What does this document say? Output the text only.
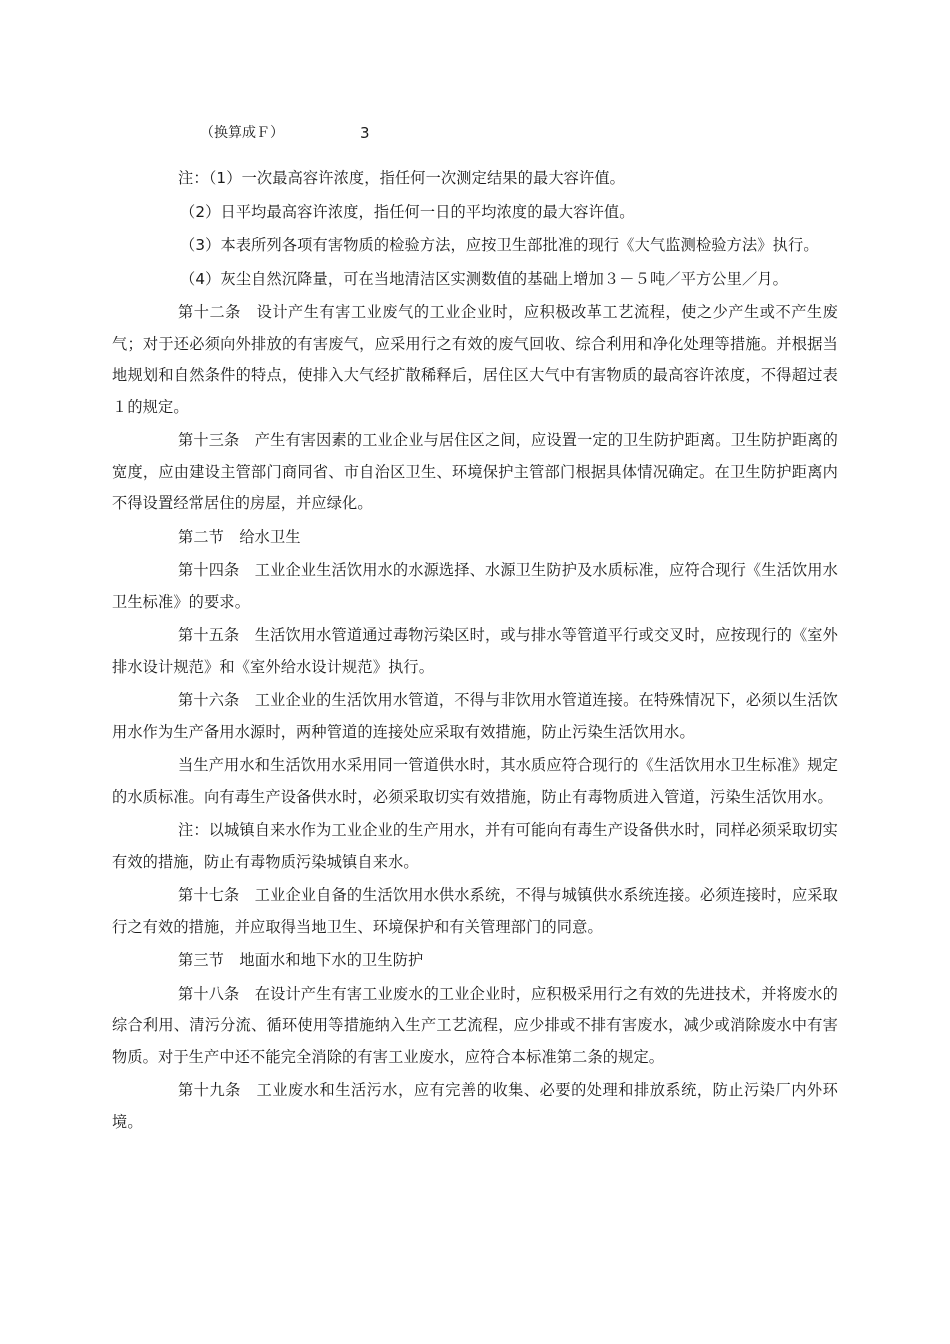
（换算成Ｆ）	3

注：（1）一次最高容许浓度，指任何一次测定结果的最大容许值。

（2）日平均最高容许浓度，指任何一日的平均浓度的最大容许值。

（3）本表所列各项有害物质的检验方法，应按卫生部批准的现行《大气监测检验方法》执行。

（4）灰尘自然沉降量，可在当地清洁区实测数值的基础上增加３－５吨／平方公里／月。

第十二条　设计产生有害工业废气的工业企业时，应积极改革工艺流程，使之少产生或不产生废气；对于还必须向外排放的有害废气，应采用行之有效的废气回收、综合利用和净化处理等措施。并根据当地规划和自然条件的特点，使排入大气经扩散稀释后，居住区大气中有害物质的最高容许浓度，不得超过表１的规定。

第十三条　产生有害因素的工业企业与居住区之间，应设置一定的卫生防护距离。卫生防护距离的宽度，应由建设主管部门商同省、市自治区卫生、环境保护主管部门根据具体情况确定。在卫生防护距离内不得设置经常居住的房屋，并应绿化。

第二节　给水卫生

第十四条　工业企业生活饮用水的水源选择、水源卫生防护及水质标准，应符合现行《生活饮用水卫生标准》的要求。

第十五条　生活饮用水管道通过毒物污染区时，或与排水等管道平行或交叉时，应按现行的《室外排水设计规范》和《室外给水设计规范》执行。

第十六条　工业企业的生活饮用水管道，不得与非饮用水管道连接。在特殊情况下，必须以生活饮用水作为生产备用水源时，两种管道的连接处应采取有效措施，防止污染生活饮用水。

当生产用水和生活饮用水采用同一管道供水时，其水质应符合现行的《生活饮用水卫生标准》规定的水质标准。向有毒生产设备供水时，必须采取切实有效措施，防止有毒物质进入管道，污染生活饮用水。

注：以城镇自来水作为工业企业的生产用水，并有可能向有毒生产设备供水时，同样必须采取切实有效的措施，防止有毒物质污染城镇自来水。

第十七条　工业企业自备的生活饮用水供水系统，不得与城镇供水系统连接。必须连接时，应采取行之有效的措施，并应取得当地卫生、环境保护和有关管理部门的同意。

第三节　地面水和地下水的卫生防护

第十八条　在设计产生有害工业废水的工业企业时，应积极采用行之有效的先进技术，并将废水的综合利用、清污分流、循环使用等措施纳入生产工艺流程，应少排或不排有害废水，减少或消除废水中有害物质。对于生产中还不能完全消除的有害工业废水，应符合本标准第二条的规定。

第十九条　工业废水和生活污水，应有完善的收集、必要的处理和排放系统，防止污染厂内外环境。
